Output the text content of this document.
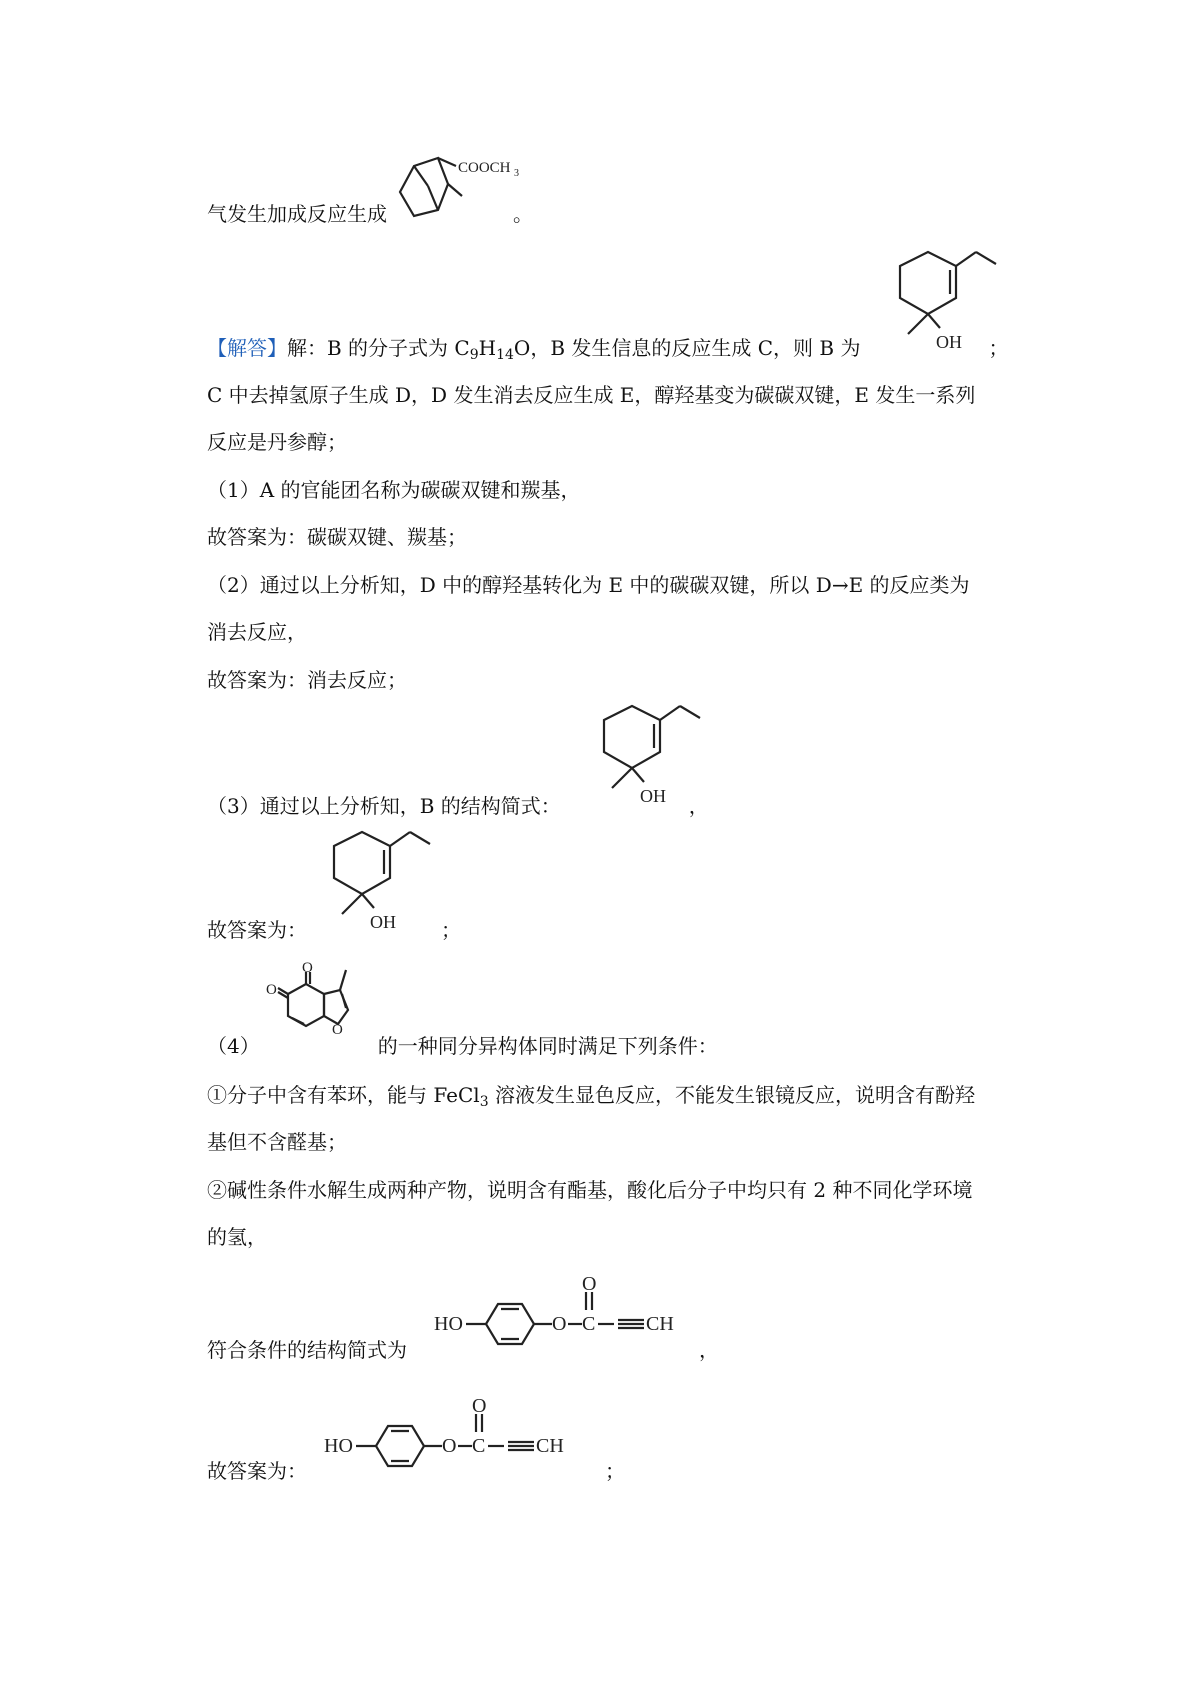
气发生加成反应生成	。
COOCH 3
【解答】解：B 的分子式为 $C_9H_{14}O$，B 发生信息的反应生成 C，则 B 为	；
OH
C 中去掉氢原子生成 D，D 发生消去反应生成 E，醇羟基变为碳碳双键，E 发生一系列
反应是丹参醇；
（1）A 的官能团名称为碳碳双键和羰基，
故答案为：碳碳双键、羰基；
（2）通过以上分析知，D 中的醇羟基转化为 E 中的碳碳双键，所以 D→E 的反应类为
消去反应，
故答案为：消去反应；
（3）通过以上分析知，B 的结构简式：	，
OH
故答案为：	；
OH
（4）	的一种同分异构体同时满足下列条件：
O
O
O
①分子中含有苯环，能与 FeCl$_3$ 溶液发生显色反应，不能发生银镜反应，说明含有酚羟
基但不含醛基；
②碱性条件水解生成两种产物，说明含有酯基，酸化后分子中均只有 2 种不同化学环境
的氢，
符合条件的结构简式为	，
HO	O C
O
CH
故答案为：	；
HO	O C
O
CH
